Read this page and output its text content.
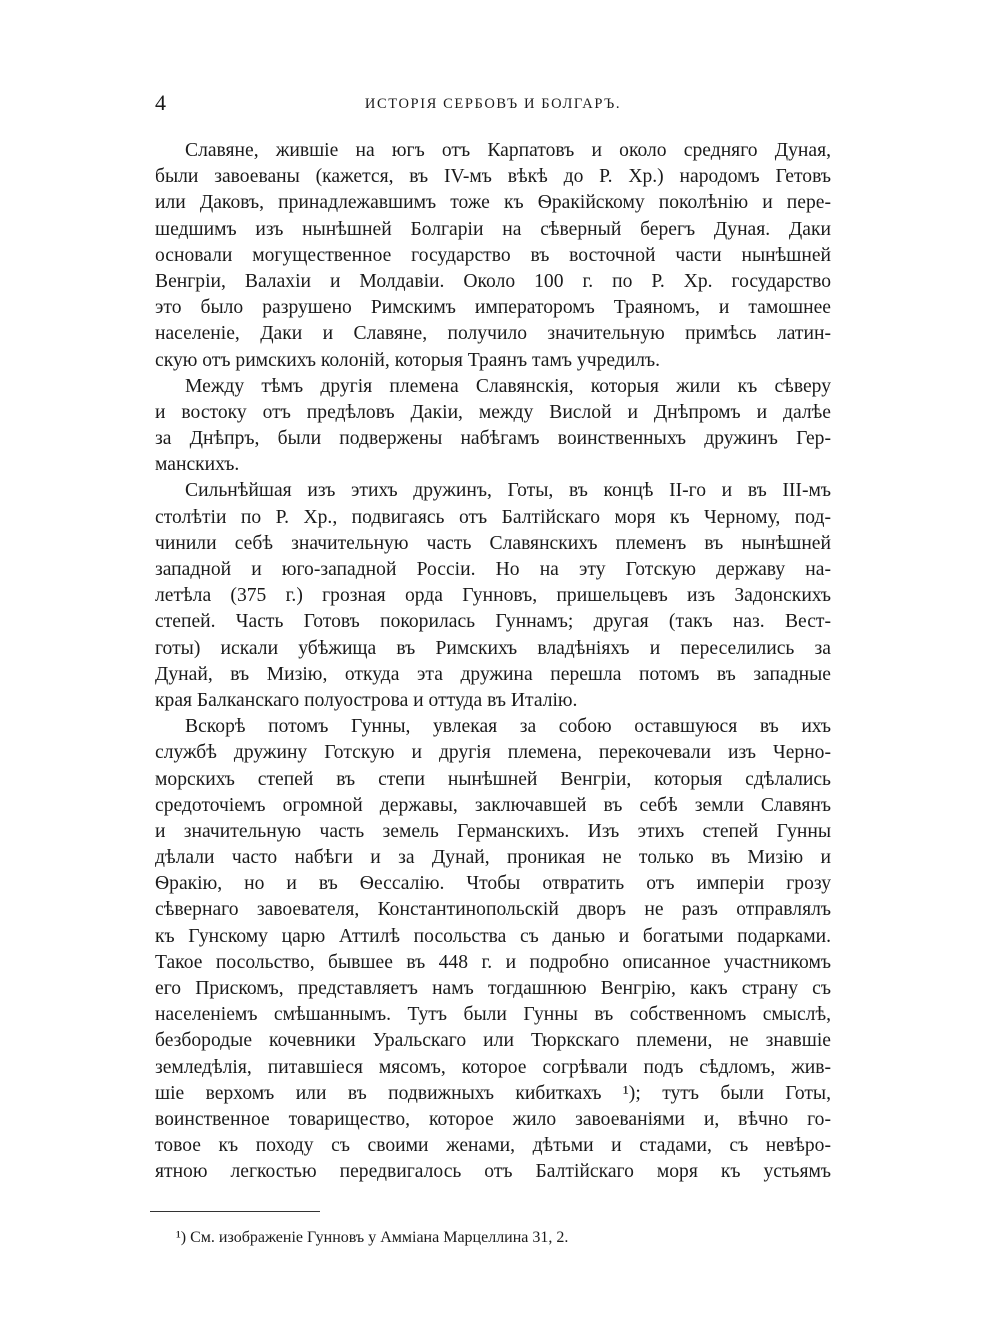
4	ИСТОРІЯ СЕРБОВЪ И БОЛГАРЪ.
Славяне, жившіе на югъ отъ Карпатовъ и около средняго Дуная,
были завоеваны (кажется, въ IV-мъ вѣкѣ до Р. Хр.) народомъ Гетовъ
или Даковъ, принадлежавшимъ тоже къ Ѳракійскому поколѣнію и пере-
шедшимъ изъ нынѣшней Болгаріи на сѣверный берегъ Дуная. Даки
основали могущественное государство въ восточной части нынѣшней
Венгріи, Валахіи и Молдавіи. Около 100 г. по Р. Хр. государство
это было разрушено Римскимъ императоромъ Траяномъ, и тамошнее
населеніе, Даки и Славяне, получило значительную примѣсь латин-
скую отъ римскихъ колоній, которыя Траянъ тамъ учредилъ.
Между тѣмъ другія племена Славянскія, которыя жили къ сѣверу
и востоку отъ предѣловъ Дакіи, между Вислой и Днѣпромъ и далѣе
за Днѣпръ, были подвержены набѣгамъ воинственныхъ дружинъ Гер-
манскихъ.
Сильнѣйшая изъ этихъ дружинъ, Готы, въ концѣ II-го и въ III-мъ
столѣтіи по Р. Хр., подвигаясь отъ Балтійскаго моря къ Черному, под-
чинили себѣ значительную часть Славянскихъ племенъ въ нынѣшней
западной и юго-западной Россіи. Но на эту Готскую державу на-
летѣла (375 г.) грозная орда Гунновъ, пришельцевъ изъ Задонскихъ
степей. Часть Готовъ покорилась Гуннамъ; другая (такъ наз. Вест-
готы) искали убѣжища въ Римскихъ владѣніяхъ и переселились за
Дунай, въ Мизію, откуда эта дружина перешла потомъ въ западные
края Балканскаго полуострова и оттуда въ Италію.
Вскорѣ потомъ Гунны, увлекая за собою оставшуюся въ ихъ
службѣ дружину Готскую и другія племена, перекочевали изъ Черно-
морскихъ степей въ степи нынѣшней Венгріи, которыя сдѣлались
средоточіемъ огромной державы, заключавшей въ себѣ земли Славянъ
и значительную часть земель Германскихъ. Изъ этихъ степей Гунны
дѣлали часто набѣги и за Дунай, проникая не только въ Мизію и
Ѳракію, но и въ Ѳессалію. Чтобы отвратить отъ имперіи грозу
сѣвернаго завоевателя, Константинопольскій дворъ не разъ отправлялъ
къ Гунскому царю Аттилѣ посольства съ данью и богатыми подарками.
Такое посольство, бывшее въ 448 г. и подробно описанное участникомъ
его Прискомъ, представляетъ намъ тогдашнюю Венгрію, какъ страну съ
населеніемъ смѣшаннымъ. Тутъ были Гунны въ собственномъ смыслѣ,
безбородые кочевники Уральскаго или Тюркскаго племени, не знавшіе
земледѣлія, питавшіеся мясомъ, которое согрѣвали подъ сѣдломъ, жив-
шіе верхомъ или въ подвижныхъ кибиткахъ ¹); тутъ были Готы,
воинственное товарищество, которое жило завоеваніями и, вѣчно го-
товое къ походу съ своими женами, дѣтьми и стадами, съ невѣро-
ятною легкостью передвигалось отъ Балтійскаго моря къ устьямъ
¹) См. изображеніе Гунновъ у Амміана Марцеллина 31, 2.
